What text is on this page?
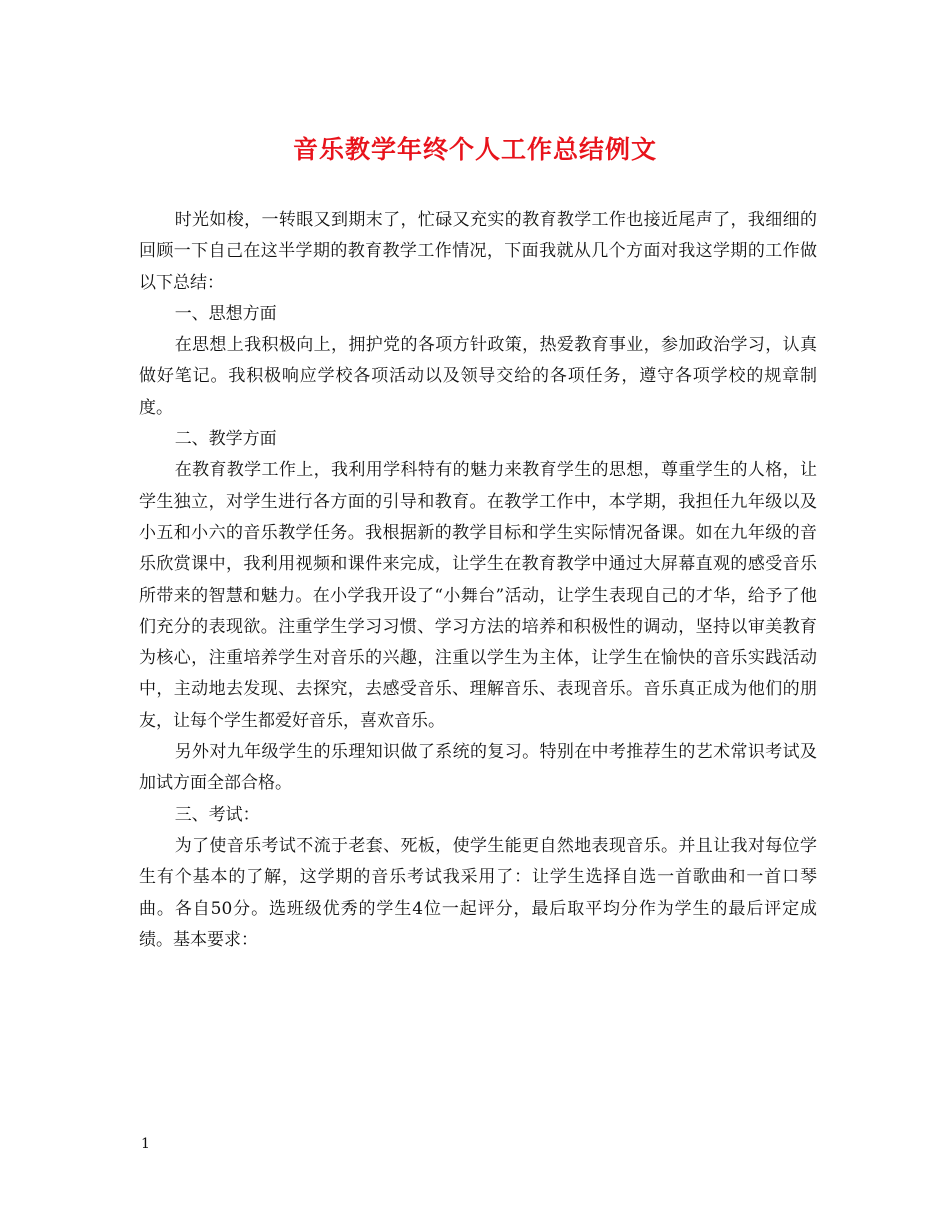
音乐教学年终个人工作总结例文

时光如梭，一转眼又到期末了，忙碌又充实的教育教学工作也接近尾声了，我细细的回顾一下自己在这半学期的教育教学工作情况，下面我就从几个方面对我这学期的工作做以下总结：

一、思想方面

在思想上我积极向上，拥护党的各项方针政策，热爱教育事业，参加政治学习，认真做好笔记。我积极响应学校各项活动以及领导交给的各项任务，遵守各项学校的规章制度。

二、教学方面

在教育教学工作上，我利用学科特有的魅力来教育学生的思想，尊重学生的人格，让学生独立，对学生进行各方面的引导和教育。在教学工作中，本学期，我担任九年级以及小五和小六的音乐教学任务。我根据新的教学目标和学生实际情况备课。如在九年级的音乐欣赏课中，我利用视频和课件来完成，让学生在教育教学中通过大屏幕直观的感受音乐所带来的智慧和魅力。在小学我开设了“小舞台”活动，让学生表现自己的才华，给予了他们充分的表现欲。注重学生学习习惯、学习方法的培养和积极性的调动，坚持以审美教育为核心，注重培养学生对音乐的兴趣，注重以学生为主体，让学生在愉快的音乐实践活动中，主动地去发现、去探究，去感受音乐、理解音乐、表现音乐。音乐真正成为他们的朋友，让每个学生都爱好音乐，喜欢音乐。

另外对九年级学生的乐理知识做了系统的复习。特别在中考推荐生的艺术常识考试及加试方面全部合格。

三、考试：

为了使音乐考试不流于老套、死板，使学生能更自然地表现音乐。并且让我对每位学生有个基本的了解，这学期的音乐考试我采用了：让学生选择自选一首歌曲和一首口琴曲。各自50分。选班级优秀的学生4位一起评分，最后取平均分作为学生的最后评定成绩。基本要求：

1
